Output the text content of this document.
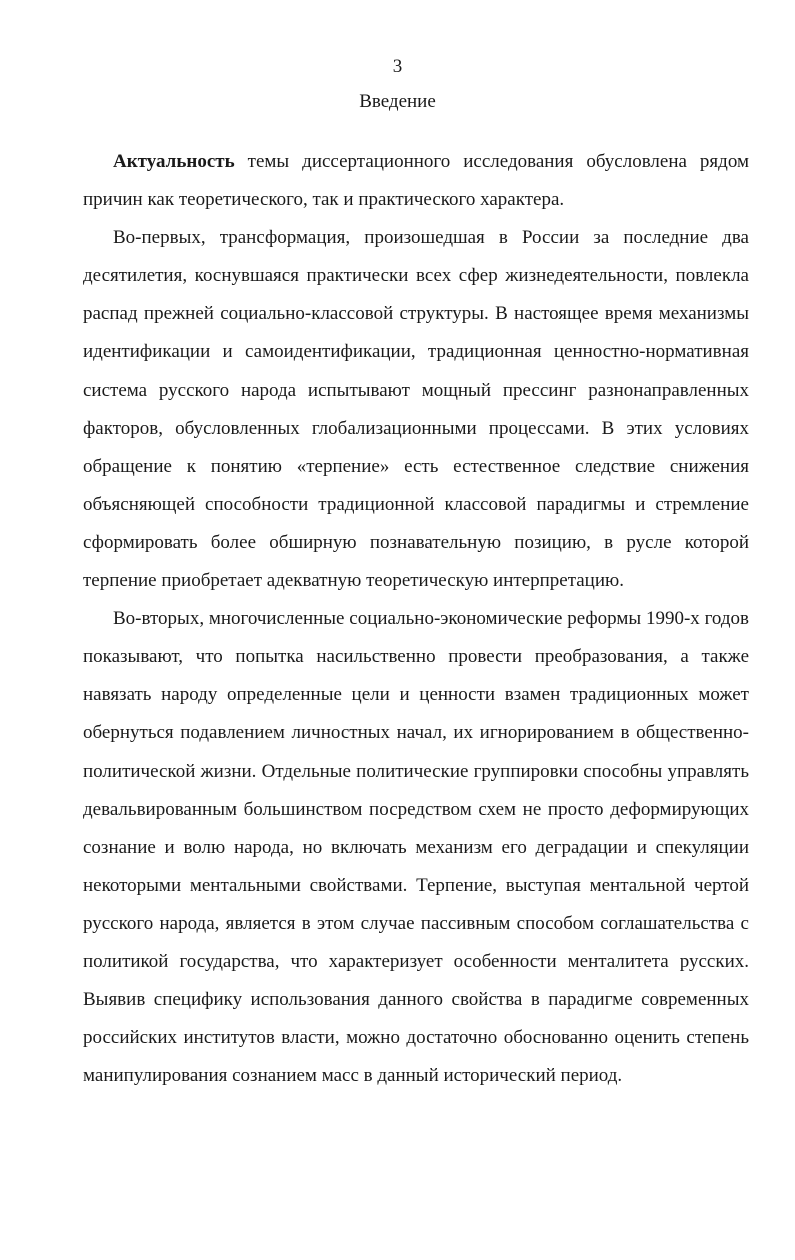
3
Введение

Актуальность темы диссертационного исследования обусловлена рядом причин как теоретического, так и практического характера.

Во-первых, трансформация, произошедшая в России за последние два десятилетия, коснувшаяся практически всех сфер жизнедеятельности, повлекла распад прежней социально-классовой структуры. В настоящее время механизмы идентификации и самоидентификации, традиционная ценностно-нормативная система русского народа испытывают мощный прессинг разнонаправленных факторов, обусловленных глобализационными процессами. В этих условиях обращение к понятию «терпение» есть естественное следствие снижения объясняющей способности традиционной классовой парадигмы и стремление сформировать более обширную познавательную позицию, в русле которой терпение приобретает адекватную теоретическую интерпретацию.

Во-вторых, многочисленные социально-экономические реформы 1990-х годов показывают, что попытка насильственно провести преобразования, а также навязать народу определенные цели и ценности взамен традиционных может обернуться подавлением личностных начал, их игнорированием в общественно-политической жизни. Отдельные политические группировки способны управлять девальвированным большинством посредством схем не просто деформирующих сознание и волю народа, но включать механизм его деградации и спекуляции некоторыми ментальными свойствами. Терпение, выступая ментальной чертой русского народа, является в этом случае пассивным способом соглашательства с политикой государства, что характеризует особенности менталитета русских. Выявив специфику использования данного свойства в парадигме современных российских институтов власти, можно достаточно обоснованно оценить степень манипулирования сознанием масс в данный исторический период.
